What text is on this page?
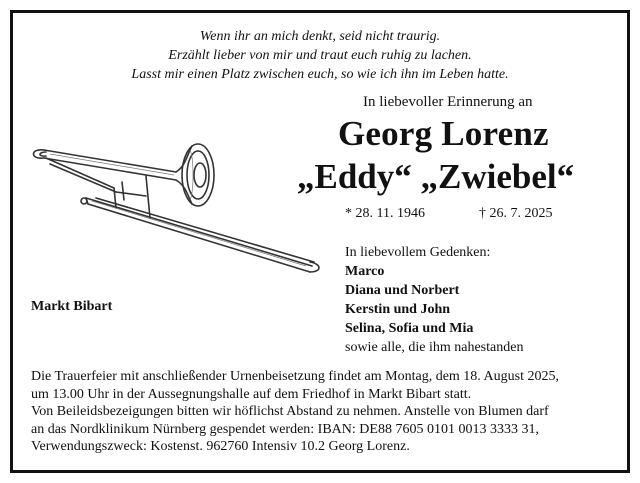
Wenn ihr an mich denkt, seid nicht traurig.
Erzählt lieber von mir und traut euch ruhig zu lachen.
Lasst mir einen Platz zwischen euch, so wie ich ihn im Leben hatte.
In liebevoller Erinnerung an
Georg Lorenz
„Eddy“ „Zwiebel“
* 28. 11. 1946	† 26. 7. 2025
In liebevollem Gedenken:
Marco
Diana und Norbert
Kerstin und John
Selina, Sofia und Mia
sowie alle, die ihm nahestanden
Markt Bibart
Die Trauerfeier mit anschließender Urnenbeisetzung findet am Montag, dem 18. August 2025,
um 13.00 Uhr in der Aussegnungshalle auf dem Friedhof in Markt Bibart statt.
Von Beileidsbezeigungen bitten wir höflichst Abstand zu nehmen. Anstelle von Blumen darf
an das Nordklinikum Nürnberg gespendet werden: IBAN: DE88 7605 0101 0013 3333 31,
Verwendungszweck: Kostenst. 962760 Intensiv 10.2 Georg Lorenz.
